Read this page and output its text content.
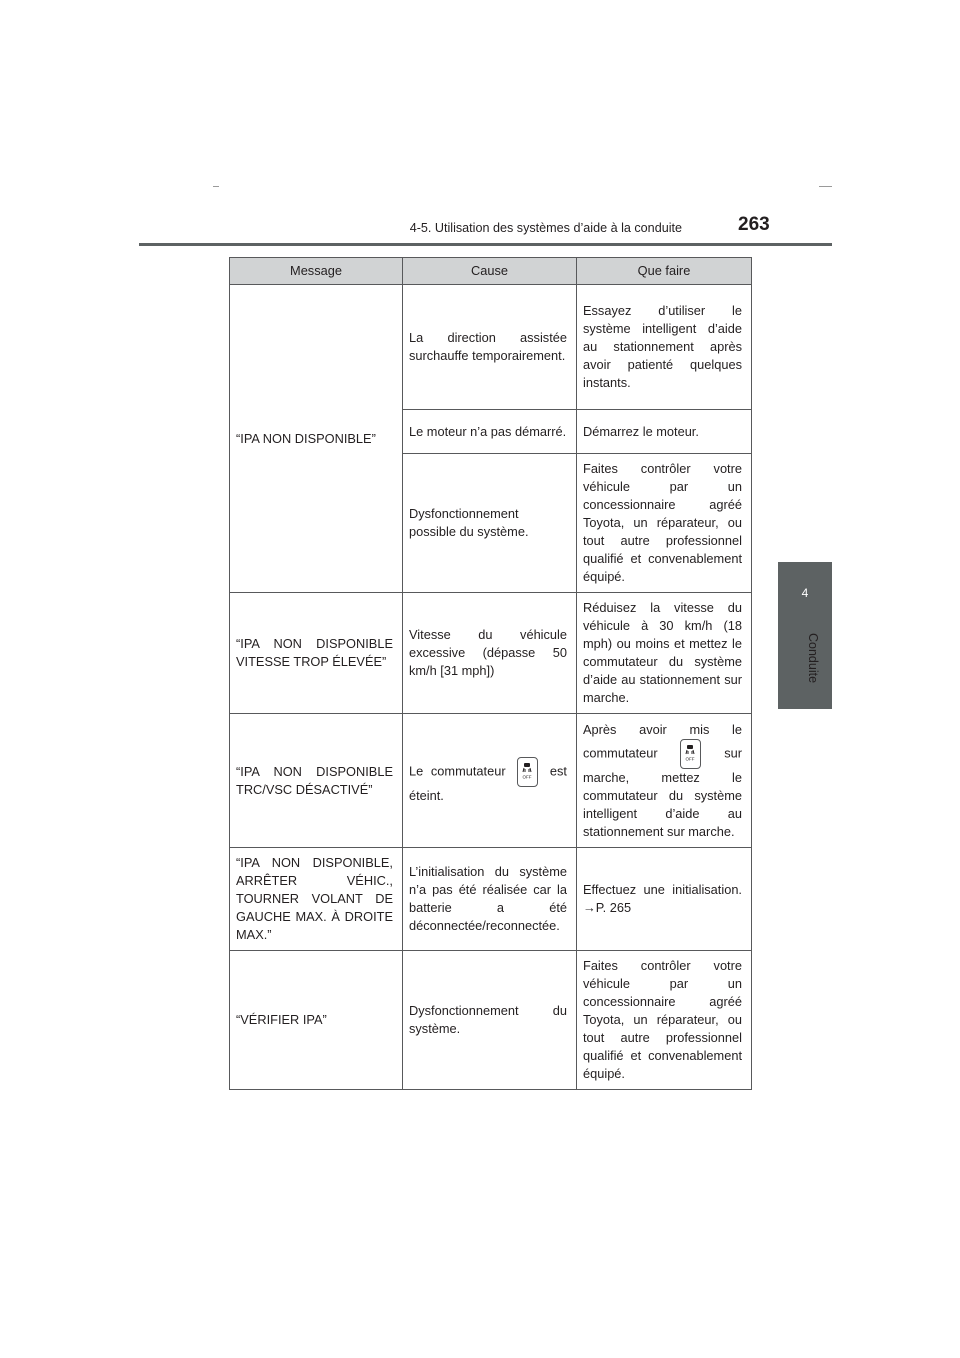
4-5. Utilisation des systèmes d’aide à la conduite	263
4
Conduite
Message	Cause	Que faire
“IPA NON DISPONIBLE”	La direction assistée surchauffe temporairement.	Essayez d’utiliser le système intelligent d’aide au stationnement après avoir patienté quelques instants.
	Le moteur n’a pas démarré.	Démarrez le moteur.
	Dysfonctionnement possible du système.	Faites contrôler votre véhicule par un concessionnaire agréé Toyota, un réparateur, ou tout autre professionnel qualifié et convenablement équipé.
“IPA NON DISPONIBLE VITESSE TROP ÉLEVÉE”	Vitesse du véhicule excessive (dépasse 50 km/h [31 mph])	Réduisez la vitesse du véhicule à 30 km/h (18 mph) ou moins et mettez le commutateur du système d’aide au stationnement sur marche.
“IPA NON DISPONIBLE TRC/VSC DÉSACTIVÉ”	Le commutateur OFF est éteint.	Après avoir mis le commutateur OFF sur marche, mettez le commutateur du système intelligent d’aide au stationnement sur marche.
“IPA NON DISPONIBLE, ARRÊTER VÉHIC., TOURNER VOLANT DE GAUCHE MAX. À DROITE MAX.”	L’initialisation du système n’a pas été réalisée car la batterie a été déconnectée/reconnectée.	Effectuez une initialisation. →P. 265
“VÉRIFIER IPA”	Dysfonctionnement du système.	Faites contrôler votre véhicule par un concessionnaire agréé Toyota, un réparateur, ou tout autre professionnel qualifié et convenablement équipé.
